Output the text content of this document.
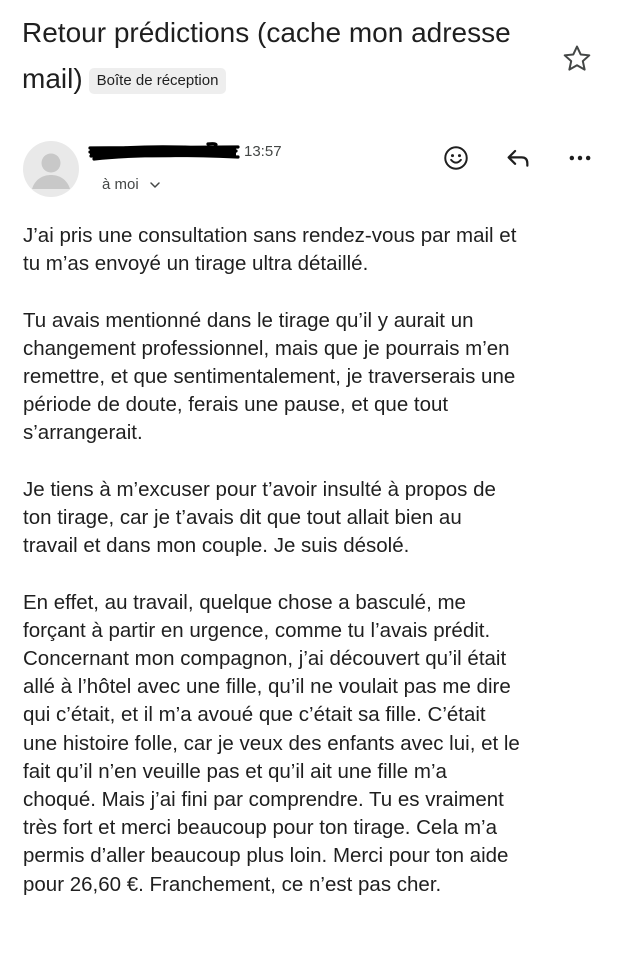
Retour prédictions (cache mon adresse mail) Boîte de réception
13:57
à moi

J’ai pris une consultation sans rendez-vous par mail et
tu m’as envoyé un tirage ultra détaillé.

Tu avais mentionné dans le tirage qu’il y aurait un
changement professionnel, mais que je pourrais m’en
remettre, et que sentimentalement, je traverserais une
période de doute, ferais une pause, et que tout
s’arrangerait.

Je tiens à m’excuser pour t’avoir insulté à propos de
ton tirage, car je t’avais dit que tout allait bien au
travail et dans mon couple. Je suis désolé.

En effet, au travail, quelque chose a basculé, me
forçant à partir en urgence, comme tu l’avais prédit.
Concernant mon compagnon, j’ai découvert qu’il était
allé à l’hôtel avec une fille, qu’il ne voulait pas me dire
qui c’était, et il m’a avoué que c’était sa fille. C’était
une histoire folle, car je veux des enfants avec lui, et le
fait qu’il n’en veuille pas et qu’il ait une fille m’a
choqué. Mais j’ai fini par comprendre. Tu es vraiment
très fort et merci beaucoup pour ton tirage. Cela m’a
permis d’aller beaucoup plus loin. Merci pour ton aide
pour 26,60 €. Franchement, ce n’est pas cher.
